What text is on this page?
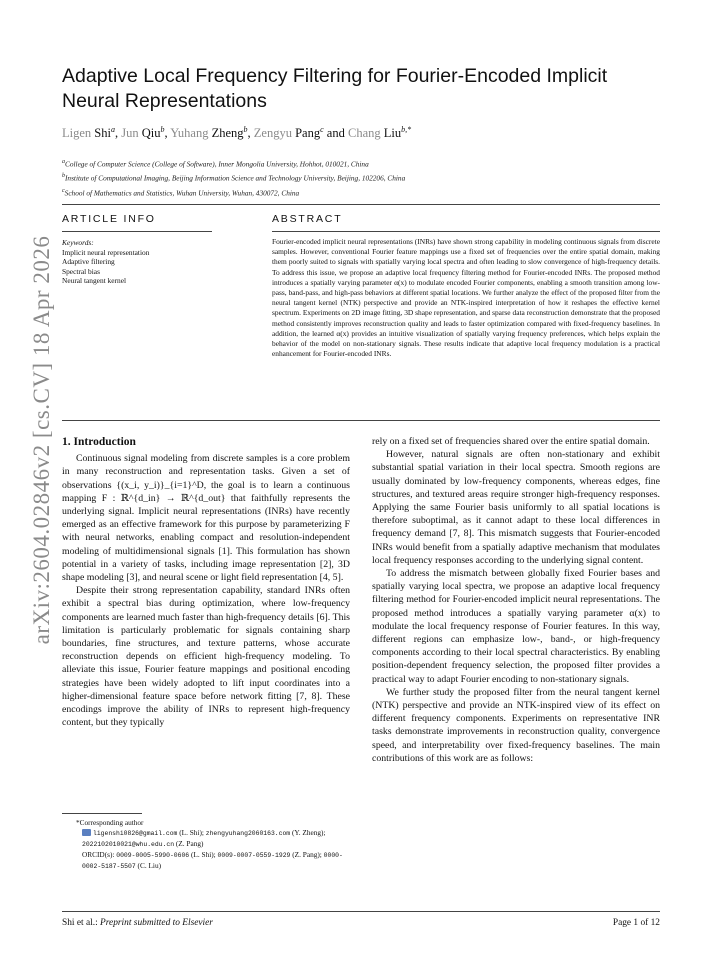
arXiv:2604.02846v2 [cs.CV] 18 Apr 2026
Adaptive Local Frequency Filtering for Fourier-Encoded Implicit Neural Representations
Ligen Shi$^a$, Jun Qiu$^b$, Yuhang Zheng$^b$, Zengyu Pang$^c$ and Chang Liu$^{b,*}$
$^a$College of Computer Science (College of Software), Inner Mongolia University, Hohhot, 010021, China
$^b$Institute of Computational Imaging, Beijing Information Science and Technology University, Beijing, 102206, China
$^c$School of Mathematics and Statistics, Wuhan University, Wuhan, 430072, China
ARTICLE INFO	ABSTRACT
Keywords:
Implicit neural representation
Adaptive filtering
Spectral bias
Neural tangent kernel
Fourier-encoded implicit neural representations (INRs) have shown strong capability in modeling continuous signals from discrete samples. However, conventional Fourier feature mappings use a fixed set of frequencies over the entire spatial domain, making them poorly suited to signals with spatially varying local spectra and often leading to slow convergence of high-frequency details. To address this issue, we propose an adaptive local frequency filtering method for Fourier-encoded INRs. The proposed method introduces a spatially varying parameter α(x) to modulate encoded Fourier components, enabling a smooth transition among low-pass, band-pass, and high-pass behaviors at different spatial locations. We further analyze the effect of the proposed filter from the neural tangent kernel (NTK) perspective and provide an NTK-inspired interpretation of how it reshapes the effective kernel spectrum. Experiments on 2D image fitting, 3D shape representation, and sparse data reconstruction demonstrate that the proposed method consistently improves reconstruction quality and leads to faster optimization compared with fixed-frequency baselines. In addition, the learned α(x) provides an intuitive visualization of spatially varying frequency preferences, which helps explain the behavior of the model on non-stationary signals. These results indicate that adaptive local frequency modulation is a practical enhancement for Fourier-encoded INRs.
1. Introduction

Continuous signal modeling from discrete samples is a core problem in many reconstruction and representation tasks. Given a set of observations {(x_i, y_i)}_{i=1}^D, the goal is to learn a continuous mapping F : ℝ^{d_in} → ℝ^{d_out} that faithfully represents the underlying signal. Implicit neural representations (INRs) have recently emerged as an effective framework for this purpose by parameterizing F with neural networks, enabling compact and resolution-independent modeling of multidimensional signals [1]. This formulation has shown potential in a variety of tasks, including image representation [2], 3D shape modeling [3], and neural scene or light field representation [4, 5].

Despite their strong representation capability, standard INRs often exhibit a spectral bias during optimization, where low-frequency components are learned much faster than high-frequency details [6]. This limitation is particularly problematic for signals containing sharp boundaries, fine structures, and texture patterns, whose accurate reconstruction depends on efficient high-frequency modeling. To alleviate this issue, Fourier feature mappings and positional encoding strategies have been widely adopted to lift input coordinates into a higher-dimensional feature space before network fitting [7, 8]. These encodings improve the ability of INRs to represent high-frequency content, but they typically

rely on a fixed set of frequencies shared over the entire spatial domain.

However, natural signals are often non-stationary and exhibit substantial spatial variation in their local spectra. Smooth regions are usually dominated by low-frequency components, whereas edges, fine structures, and textured areas require stronger high-frequency responses. Applying the same Fourier basis uniformly to all spatial locations is therefore suboptimal, as it cannot adapt to these local differences in frequency demand [7, 8]. This mismatch suggests that Fourier-encoded INRs would benefit from a spatially adaptive mechanism that modulates local frequency responses according to the underlying signal content.

To address the mismatch between globally fixed Fourier bases and spatially varying local spectra, we propose an adaptive local frequency filtering method for Fourier-encoded implicit neural representations. The proposed method introduces a spatially varying parameter α(x) to modulate the local frequency response of Fourier features. In this way, different regions can emphasize low-, band-, or high-frequency components according to their local spectral characteristics. By enabling position-dependent frequency selection, the proposed filter provides a practical way to adapt Fourier encoding to non-stationary signals.

We further study the proposed filter from the neural tangent kernel (NTK) perspective and provide an NTK-inspired view of its effect on different frequency components. Experiments on representative INR tasks demonstrate improvements in reconstruction quality, convergence speed, and interpretability over fixed-frequency baselines. The main contributions of this work are as follows:

*Corresponding author
ligenshi0826@gmail.com (L. Shi); zhengyuhang2060163.com (Y. Zheng); 2022102010021@whu.edu.cn (Z. Pang)
ORCID(s): 0009-0005-5990-0606 (L. Shi); 0009-0007-0559-1929 (Z. Pang); 0000-0002-5187-5507 (C. Liu)
Shi et al.: Preprint submitted to Elsevier	Page 1 of 12
